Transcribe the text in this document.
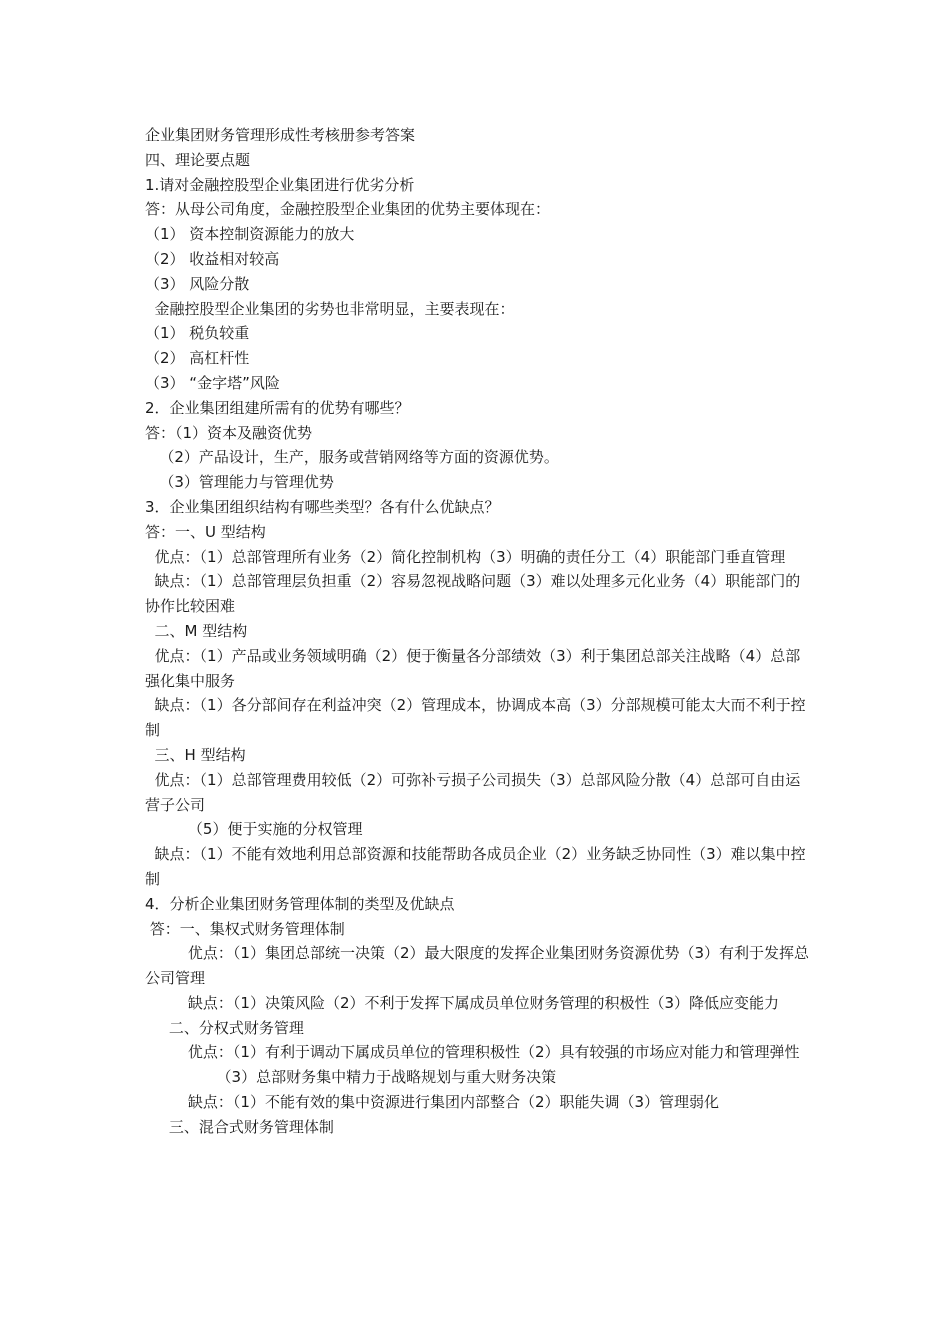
企业集团财务管理形成性考核册参考答案
四、理论要点题
1.请对金融控股型企业集团进行优劣分析
答：从母公司角度，金融控股型企业集团的优势主要体现在：
（1） 资本控制资源能力的放大
（2） 收益相对较高
（3） 风险分散
金融控股型企业集团的劣势也非常明显，主要表现在：
（1） 税负较重
（2） 高杠杆性
（3） “金字塔”风险
2．企业集团组建所需有的优势有哪些？
答：（1）资本及融资优势
（2）产品设计，生产，服务或营销网络等方面的资源优势。
（3）管理能力与管理优势
3．企业集团组织结构有哪些类型？各有什么优缺点？
答：一、U 型结构
优点：（1）总部管理所有业务（2）简化控制机构（3）明确的责任分工（4）职能部门垂直管理
缺点：（1）总部管理层负担重（2）容易忽视战略问题（3）难以处理多元化业务（4）职能部门的协作比较困难
二、M 型结构
优点：（1）产品或业务领域明确（2）便于衡量各分部绩效（3）利于集团总部关注战略（4）总部强化集中服务
缺点：（1）各分部间存在利益冲突（2）管理成本，协调成本高（3）分部规模可能太大而不利于控制
三、H 型结构
优点：（1）总部管理费用较低（2）可弥补亏损子公司损失（3）总部风险分散（4）总部可自由运营子公司
（5）便于实施的分权管理
缺点：（1）不能有效地利用总部资源和技能帮助各成员企业（2）业务缺乏协同性（3）难以集中控制
4．分析企业集团财务管理体制的类型及优缺点
答：一、集权式财务管理体制
优点：（1）集团总部统一决策（2）最大限度的发挥企业集团财务资源优势（3）有利于发挥总公司管理
缺点：（1）决策风险（2）不利于发挥下属成员单位财务管理的积极性（3）降低应变能力
二、分权式财务管理
优点：（1）有利于调动下属成员单位的管理积极性（2）具有较强的市场应对能力和管理弹性
（3）总部财务集中精力于战略规划与重大财务决策
缺点：（1）不能有效的集中资源进行集团内部整合（2）职能失调（3）管理弱化
三、混合式财务管理体制
